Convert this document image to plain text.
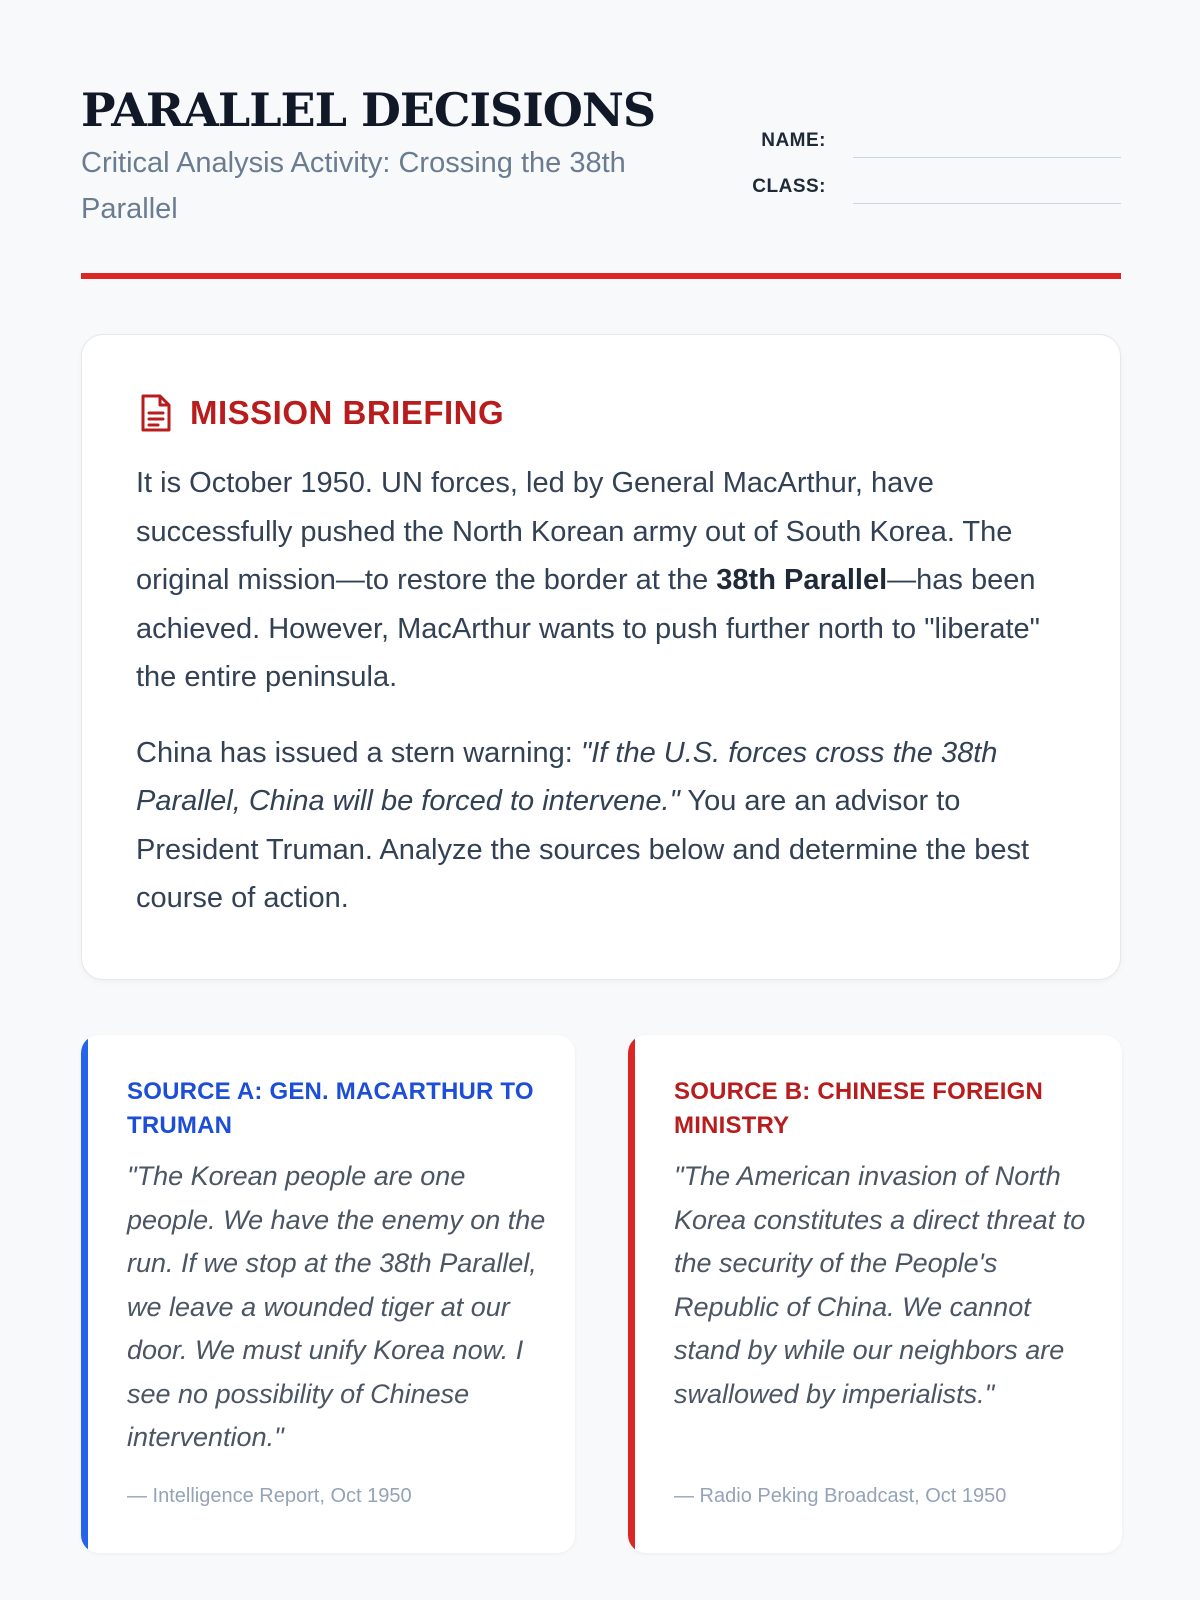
PARALLEL DECISIONS
Critical Analysis Activity: Crossing the 38th Parallel
NAME:
CLASS:
MISSION BRIEFING

It is October 1950. UN forces, led by General MacArthur, have successfully pushed the North Korean army out of South Korea. The original mission—to restore the border at the 38th Parallel—has been achieved. However, MacArthur wants to push further north to "liberate" the entire peninsula.

China has issued a stern warning: "If the U.S. forces cross the 38th Parallel, China will be forced to intervene." You are an advisor to President Truman. Analyze the sources below and determine the best course of action.

SOURCE A: GEN. MACARTHUR TO TRUMAN
"The Korean people are one people. We have the enemy on the run. If we stop at the 38th Parallel, we leave a wounded tiger at our door. We must unify Korea now. I see no possibility of Chinese intervention."
— Intelligence Report, Oct 1950
SOURCE B: CHINESE FOREIGN MINISTRY
"The American invasion of North Korea constitutes a direct threat to the security of the People's Republic of China. We cannot stand by while our neighbors are swallowed by imperialists."
— Radio Peking Broadcast, Oct 1950
